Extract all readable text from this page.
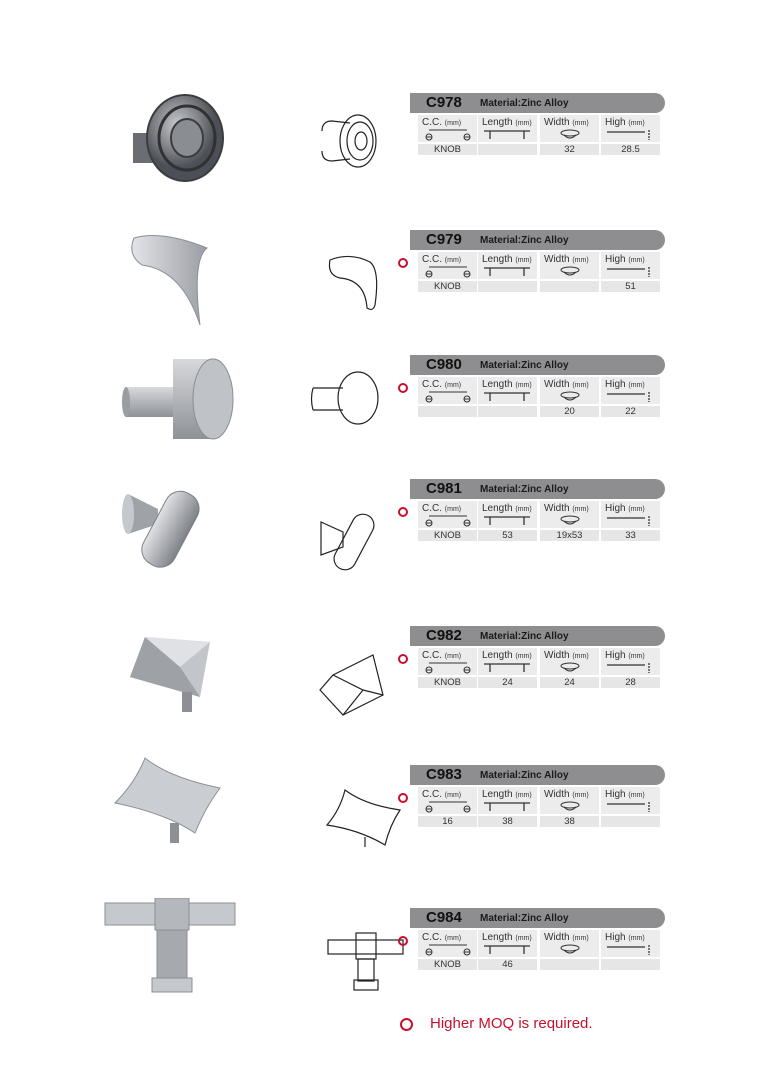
C978 Material:Zinc Alloy
C.C. (mm)
KNOB
Length (mm) Width (mm)
32
High (mm)
28.5
C979 Material:Zinc Alloy
C.C. (mm)
KNOB
Length (mm) Width (mm) High (mm)
51
C980 Material:Zinc Alloy
C.C. (mm) Length (mm) Width (mm)
20
High (mm)
22
C981 Material:Zinc Alloy
C.C. (mm)
KNOB
Length (mm)
53
Width (mm)
19x53
High (mm)
33
C982 Material:Zinc Alloy
C.C. (mm)
KNOB
Length (mm)
24
Width (mm)
24
High (mm)
28
C983 Material:Zinc Alloy
C.C. (mm)
16
Length (mm)
38
Width (mm)
38
High (mm)
C984 Material:Zinc Alloy
C.C. (mm)
KNOB
Length (mm)
46
Width (mm) High (mm)
Higher MOQ is required.
